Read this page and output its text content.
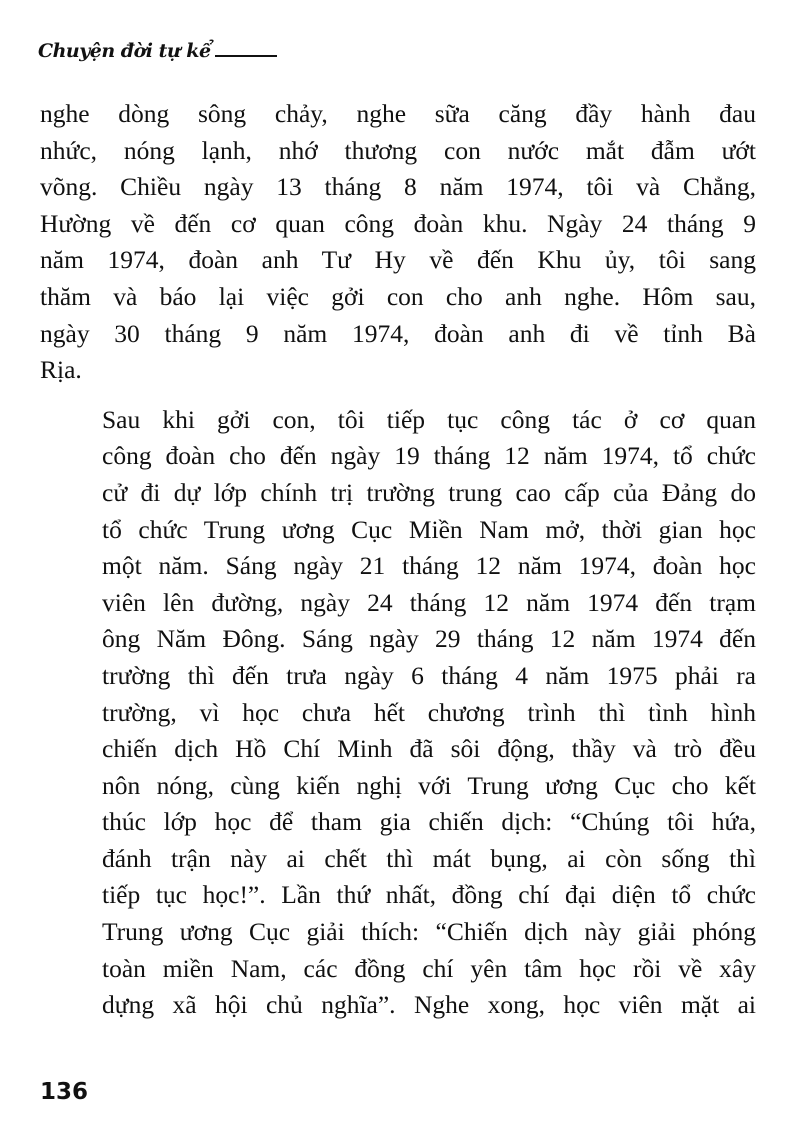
Chuyện đời tự kể
nghe dòng sông chảy, nghe sữa căng đầy hành đau
nhức, nóng lạnh, nhớ thương con nước mắt đẫm ướt
võng. Chiều ngày 13 tháng 8 năm 1974, tôi và Chẳng,
Hường về đến cơ quan công đoàn khu. Ngày 24 tháng 9
năm 1974, đoàn anh Tư Hy về đến Khu ủy, tôi sang
thăm và báo lại việc gởi con cho anh nghe. Hôm sau,
ngày 30 tháng 9 năm 1974, đoàn anh đi về tỉnh Bà
Rịa.
Sau khi gởi con, tôi tiếp tục công tác ở cơ quan
công đoàn cho đến ngày 19 tháng 12 năm 1974, tổ chức
cử đi dự lớp chính trị trường trung cao cấp của Đảng do
tổ chức Trung ương Cục Miền Nam mở, thời gian học
một năm. Sáng ngày 21 tháng 12 năm 1974, đoàn học
viên lên đường, ngày 24 tháng 12 năm 1974 đến trạm
ông Năm Đông. Sáng ngày 29 tháng 12 năm 1974 đến
trường thì đến trưa ngày 6 tháng 4 năm 1975 phải ra
trường, vì học chưa hết chương trình thì tình hình
chiến dịch Hồ Chí Minh đã sôi động, thầy và trò đều
nôn nóng, cùng kiến nghị với Trung ương Cục cho kết
thúc lớp học để tham gia chiến dịch: “Chúng tôi hứa,
đánh trận này ai chết thì mát bụng, ai còn sống thì
tiếp tục học!”. Lần thứ nhất, đồng chí đại diện tổ chức
Trung ương Cục giải thích: “Chiến dịch này giải phóng
toàn miền Nam, các đồng chí yên tâm học rồi về xây
dựng xã hội chủ nghĩa”. Nghe xong, học viên mặt ai
136
